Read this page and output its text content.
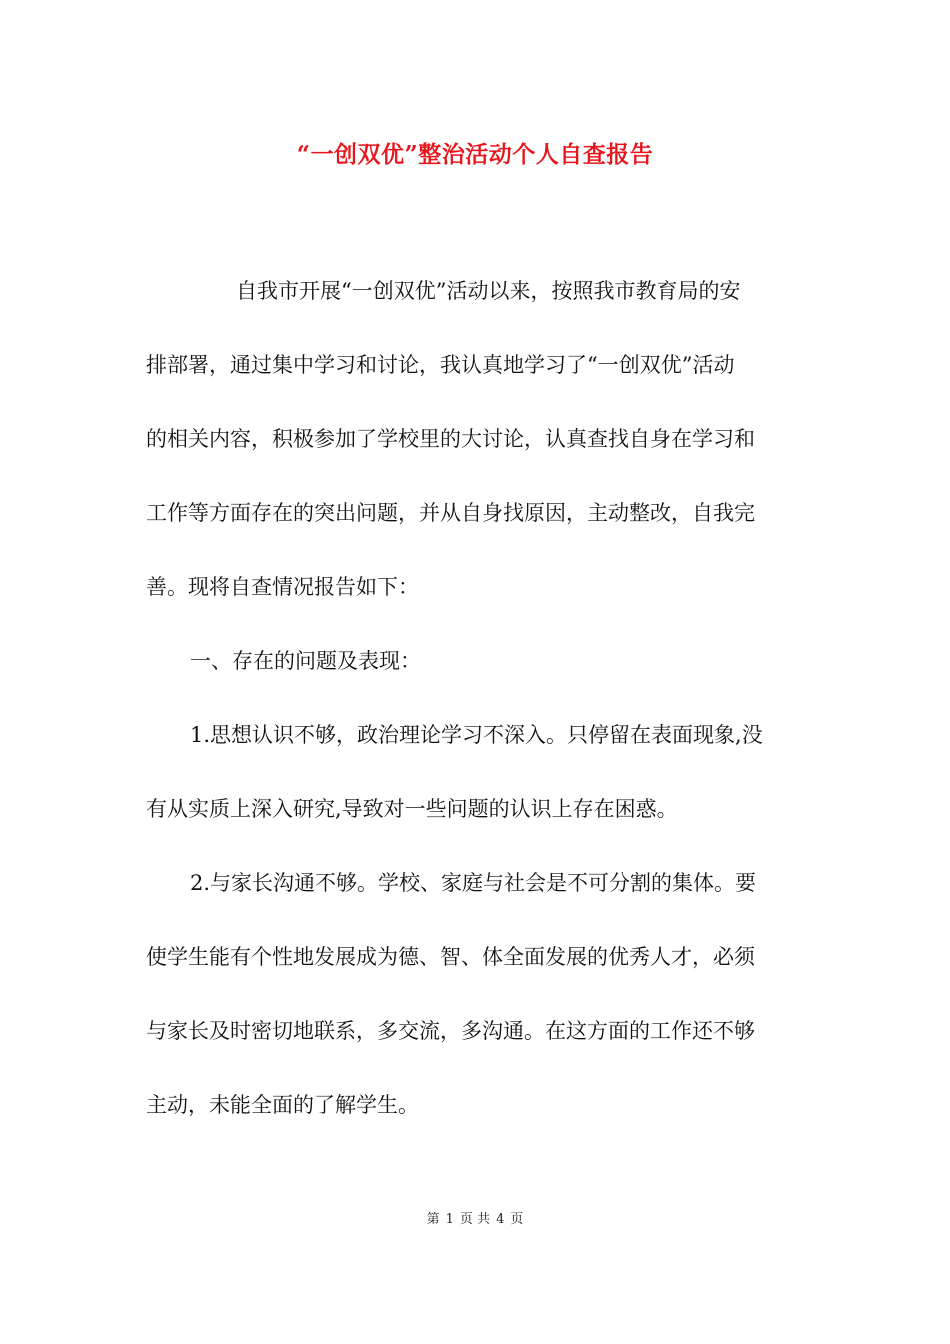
“一创双优”整治活动个人自查报告
自我市开展“一创双优”活动以来，按照我市教育局的安
排部署，通过集中学习和讨论，我认真地学习了“一创双优”活动
的相关内容，积极参加了学校里的大讨论，认真查找自身在学习和
工作等方面存在的突出问题，并从自身找原因，主动整改，自我完
善。现将自查情况报告如下：
一、存在的问题及表现：
1.思想认识不够，政治理论学习不深入。只停留在表面现象,没
有从实质上深入研究,导致对一些问题的认识上存在困惑。
2.与家长沟通不够。学校、家庭与社会是不可分割的集体。要
使学生能有个性地发展成为德、智、体全面发展的优秀人才，必须
与家长及时密切地联系，多交流，多沟通。在这方面的工作还不够
主动，未能全面的了解学生。
第 1 页 共 4 页
